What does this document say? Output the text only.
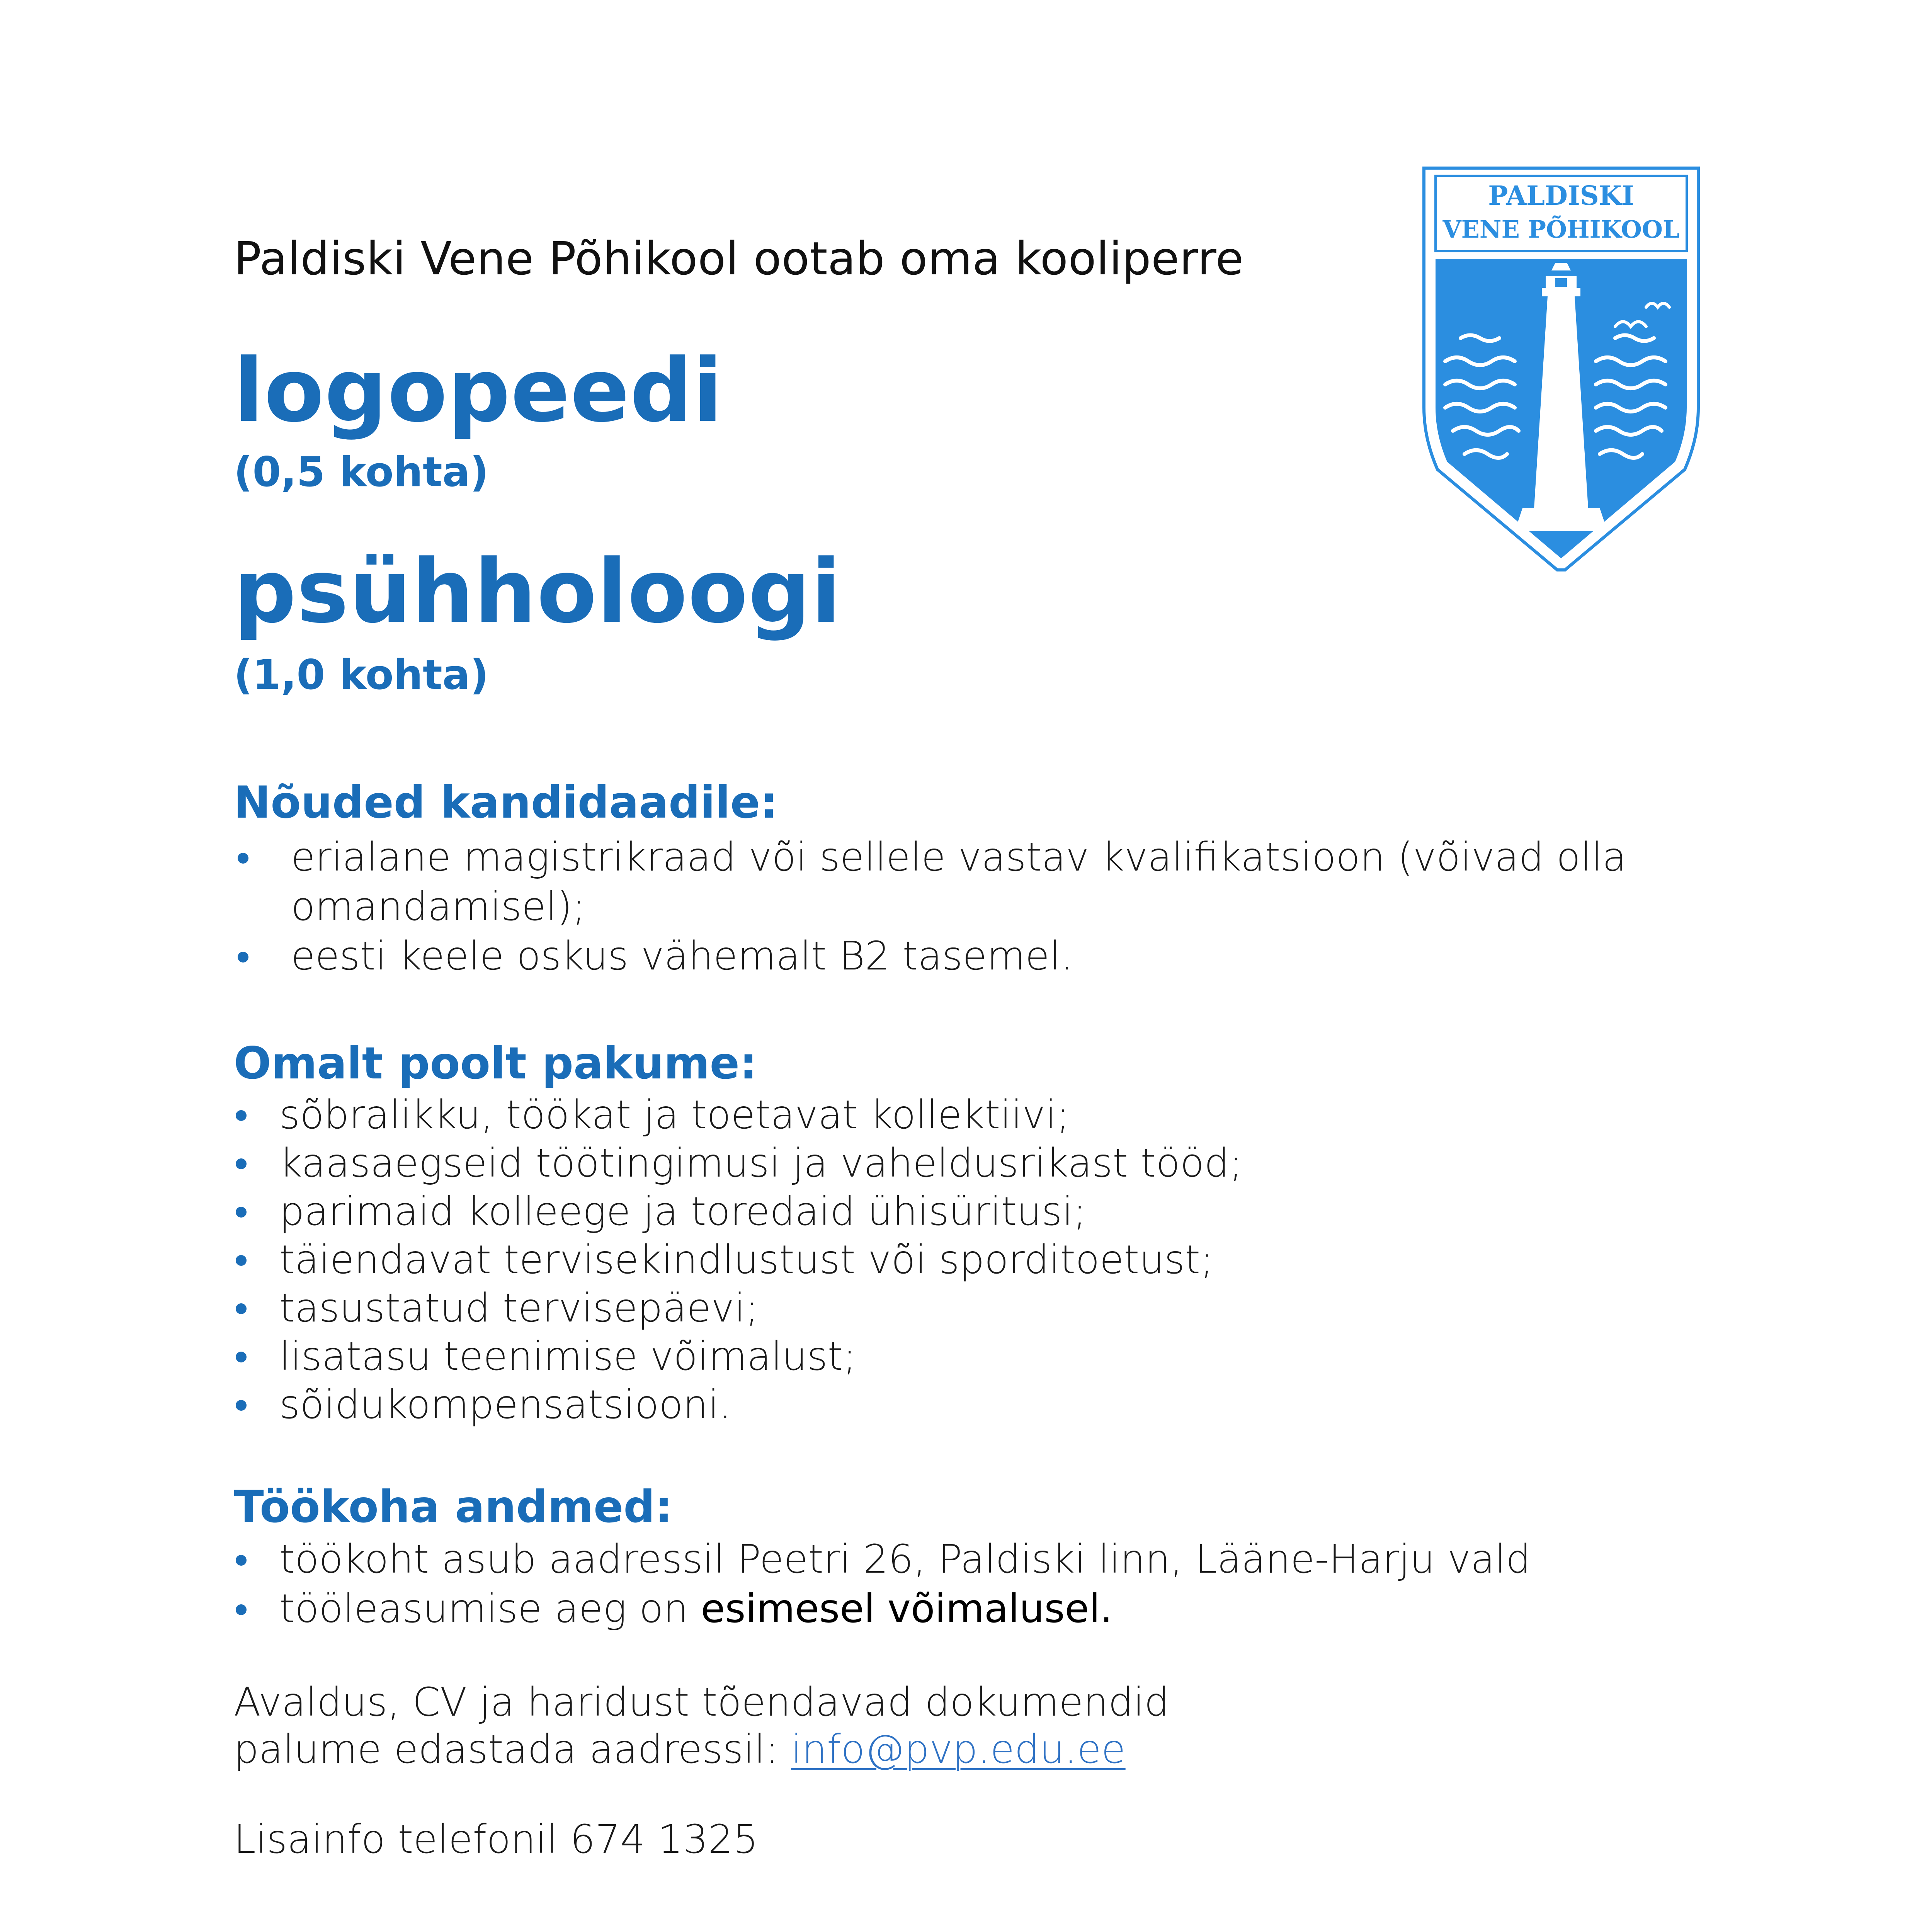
Paldiski Vene Põhikool ootab oma kooliperre
PALDISKI
VENE PÕHIKOOL
logopeedi
(0,5 kohta)
psühholoogi
(1,0 kohta)
Nõuded kandidaadile:
erialane magistrikraad või sellele vastav kvalifikatsioon (võivad olla omandamisel);
eesti keele oskus vähemalt B2 tasemel.
Omalt poolt pakume:
sõbralikku, töökat ja toetavat kollektiivi;
kaasaegseid töötingimusi ja vaheldusrikast tööd;
parimaid kolleege ja toredaid ühisüritusi;
täiendavat tervisekindlustust või sporditoetust;
tasustatud tervisepäevi;
lisatasu teenimise võimalust;
sõidukompensatsiooni.
Töökoha andmed:
töökoht asub aadressil Peetri 26, Paldiski linn, Lääne-Harju vald
tööleasumise aeg on esimesel võimalusel.
Avaldus, CV ja haridust tõendavad dokumendid
palume edastada aadressil: info@pvp.edu.ee
Lisainfo telefonil 674 1325
